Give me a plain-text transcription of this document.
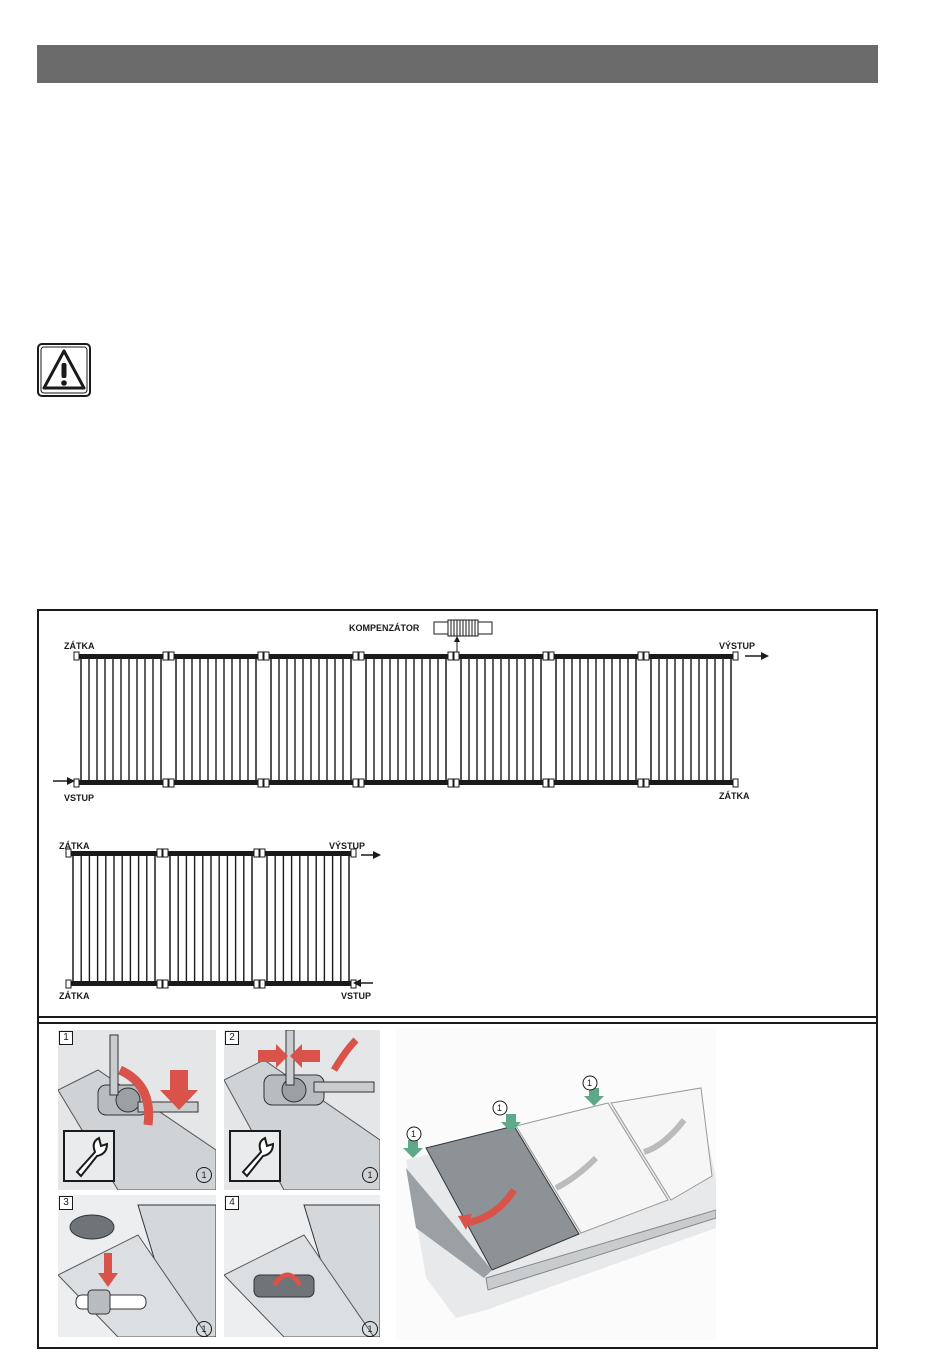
KOMPENZÁTOR
ZÁTKA	VÝSTUP
VSTUP	ZÁTKA
ZÁTKA	VÝSTUP
ZÁTKA	VSTUP
1
1
2
1
3
1
4
1
1
1
1
